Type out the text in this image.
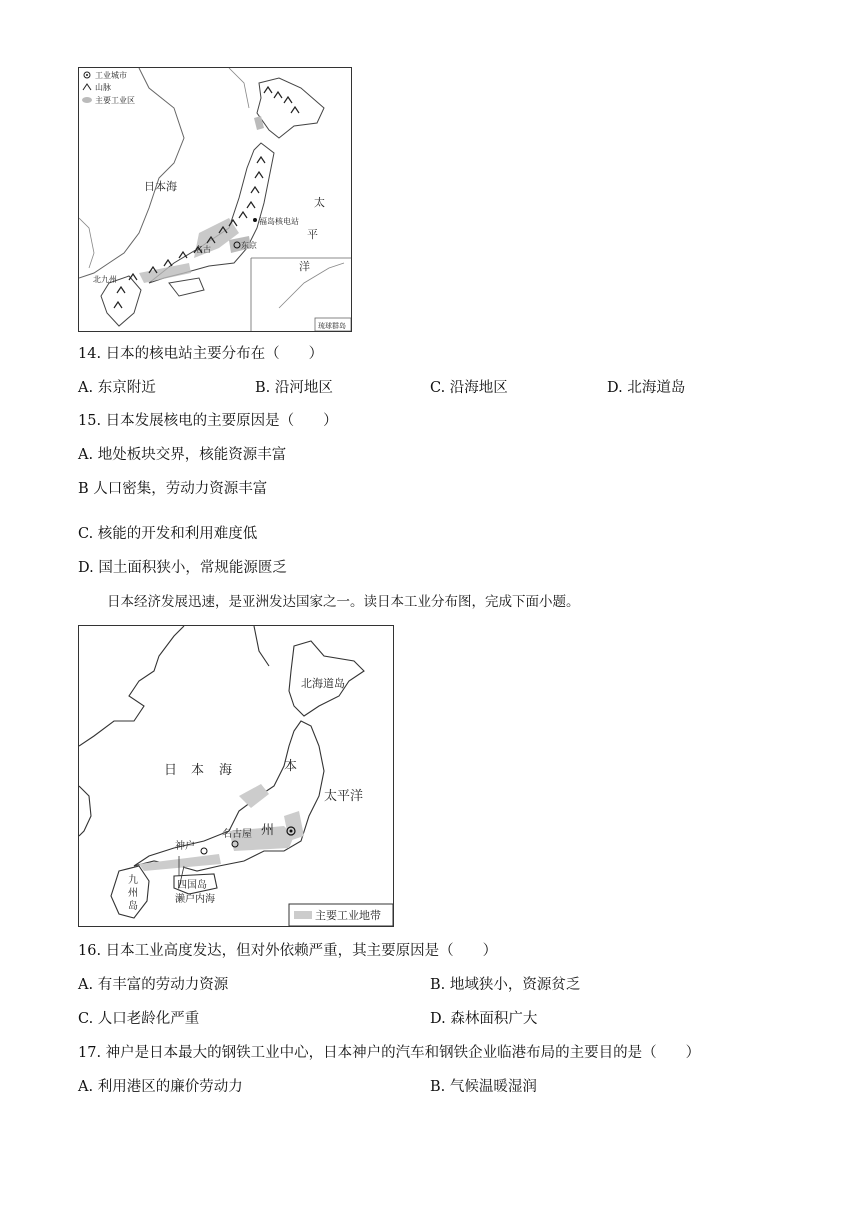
工业城市
山脉
主要工业区
日本海
太
平
洋
福岛核电站
东京
名古
北九州
琉球群岛
14. 日本的核电站主要分布在（　　）
A. 东京附近	B. 沿河地区	C. 沿海地区	D. 北海道岛
15. 日本发展核电的主要原因是（　　）
A. 地处板块交界，核能资源丰富
B 人口密集，劳动力资源丰富
C. 核能的开发和利用难度低
D. 国土面积狭小，常规能源匮乏
日本经济发展迅速，是亚洲发达国家之一。读日本工业分布图，完成下面小题。
北海道岛
日 本 海	本
州
太平洋
名古屋
神户
四国岛
濑户内海
九
州
岛
主要工业地带
16. 日本工业高度发达，但对外依赖严重，其主要原因是（　　）
A. 有丰富的劳动力资源	B. 地域狭小，资源贫乏
C. 人口老龄化严重	D. 森林面积广大
17. 神户是日本最大的钢铁工业中心，日本神户的汽车和钢铁企业临港布局的主要目的是（　　）
A. 利用港区的廉价劳动力	B. 气候温暖湿润
